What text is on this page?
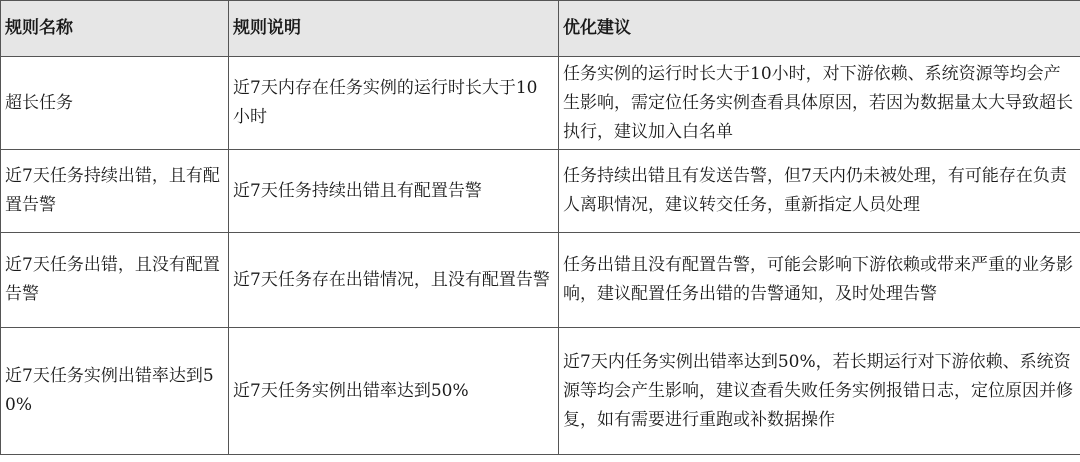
规则名称	规则说明	优化建议
超长任务	近7天内存在任务实例的运行时长大于10小时	任务实例的运行时长大于10小时，对下游依赖、系统资源等均会产生影响，需定位任务实例查看具体原因，若因为数据量太大导致超长执行，建议加入白名单
近7天任务持续出错，且有配置告警	近7天任务持续出错且有配置告警	任务持续出错且有发送告警，但7天内仍未被处理，有可能存在负责人离职情况，建议转交任务，重新指定人员处理
近7天任务出错，且没有配置告警	近7天任务存在出错情况，且没有配置告警	任务出错且没有配置告警，可能会影响下游依赖或带来严重的业务影响，建议配置任务出错的告警通知，及时处理告警
近7天任务实例出错率达到50%	近7天任务实例出错率达到50%	近7天内任务实例出错率达到50%，若长期运行对下游依赖、系统资源等均会产生影响，建议查看失败任务实例报错日志，定位原因并修复，如有需要进行重跑或补数据操作
